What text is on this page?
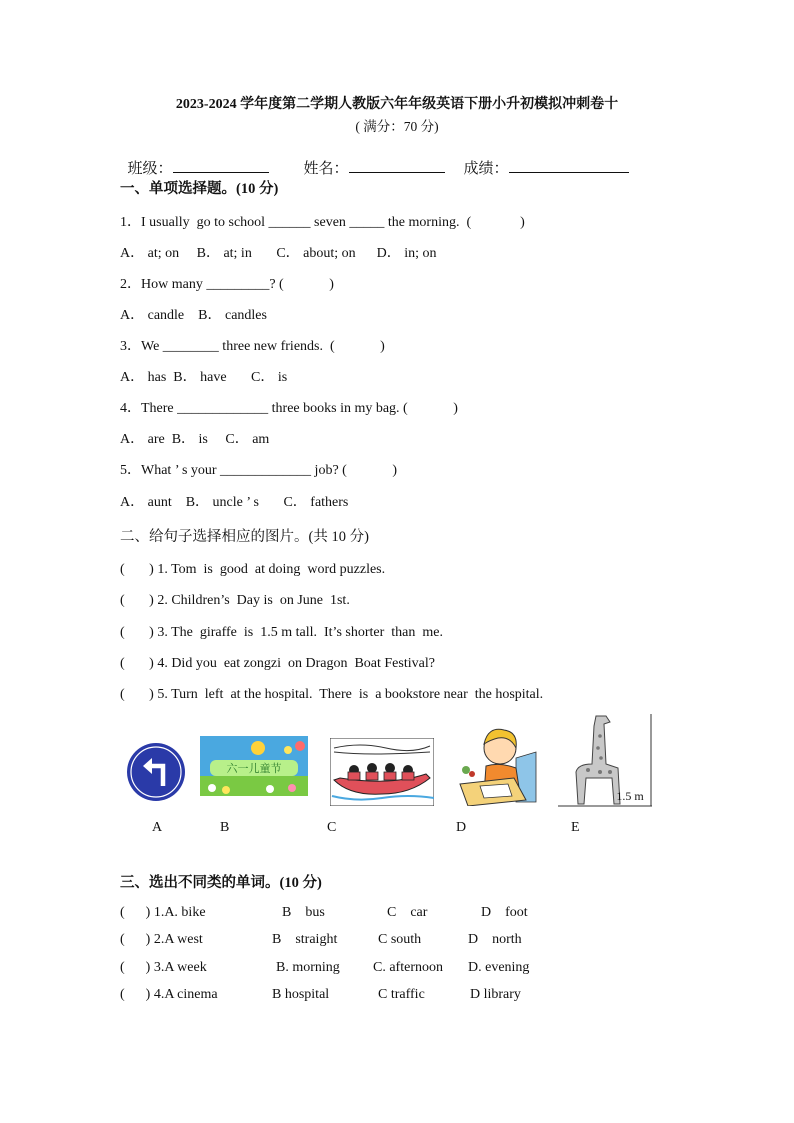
2023-2024 学年度第二学期人教版六年年级英语下册小升初模拟冲刺卷十
( 满分：70 分)

班级：	姓名：	成绩：

一、单项选择题。(10 分)
1．I usually  go to school ______ seven _____ the morning.  (              )
A． at; on     B． at; in       C． about; on      D． in; on
2．How many _________? (             )
A． candle    B． candles
3．We ________ three new friends.  (             )
A． has  B． have       C． is
4．There _____________ three books in my bag. (             )
A． are  B． is     C． am
5．What ’ s your _____________ job? (             )
A． aunt    B． uncle ’ s       C． fathers
二、给句子选择相应的图片。(共 10 分)
(       ) 1. Tom  is  good  at doing  word puzzles.
(       ) 2. Children’s  Day is  on June  1st.
(       ) 3. The  giraffe  is  1.5 m tall.  It’s shorter  than  me.
(       ) 4. Did you  eat zongzi  on Dragon  Boat Festival?
(       ) 5. Turn  left  at the hospital.  There  is  a bookstore near  the hospital.
六一儿童节
1.5 m
A	B	C	D	E
三、选出不同类的单词。(10 分)
(      ) 1.A. bike	B    bus	C    car	D    foot
(      ) 2.A west	B    straight	C south	D    north
(      ) 3.A week	B. morning C. afternoon D. evening
(      ) 4.A cinema	B hospital	C traffic	D library
